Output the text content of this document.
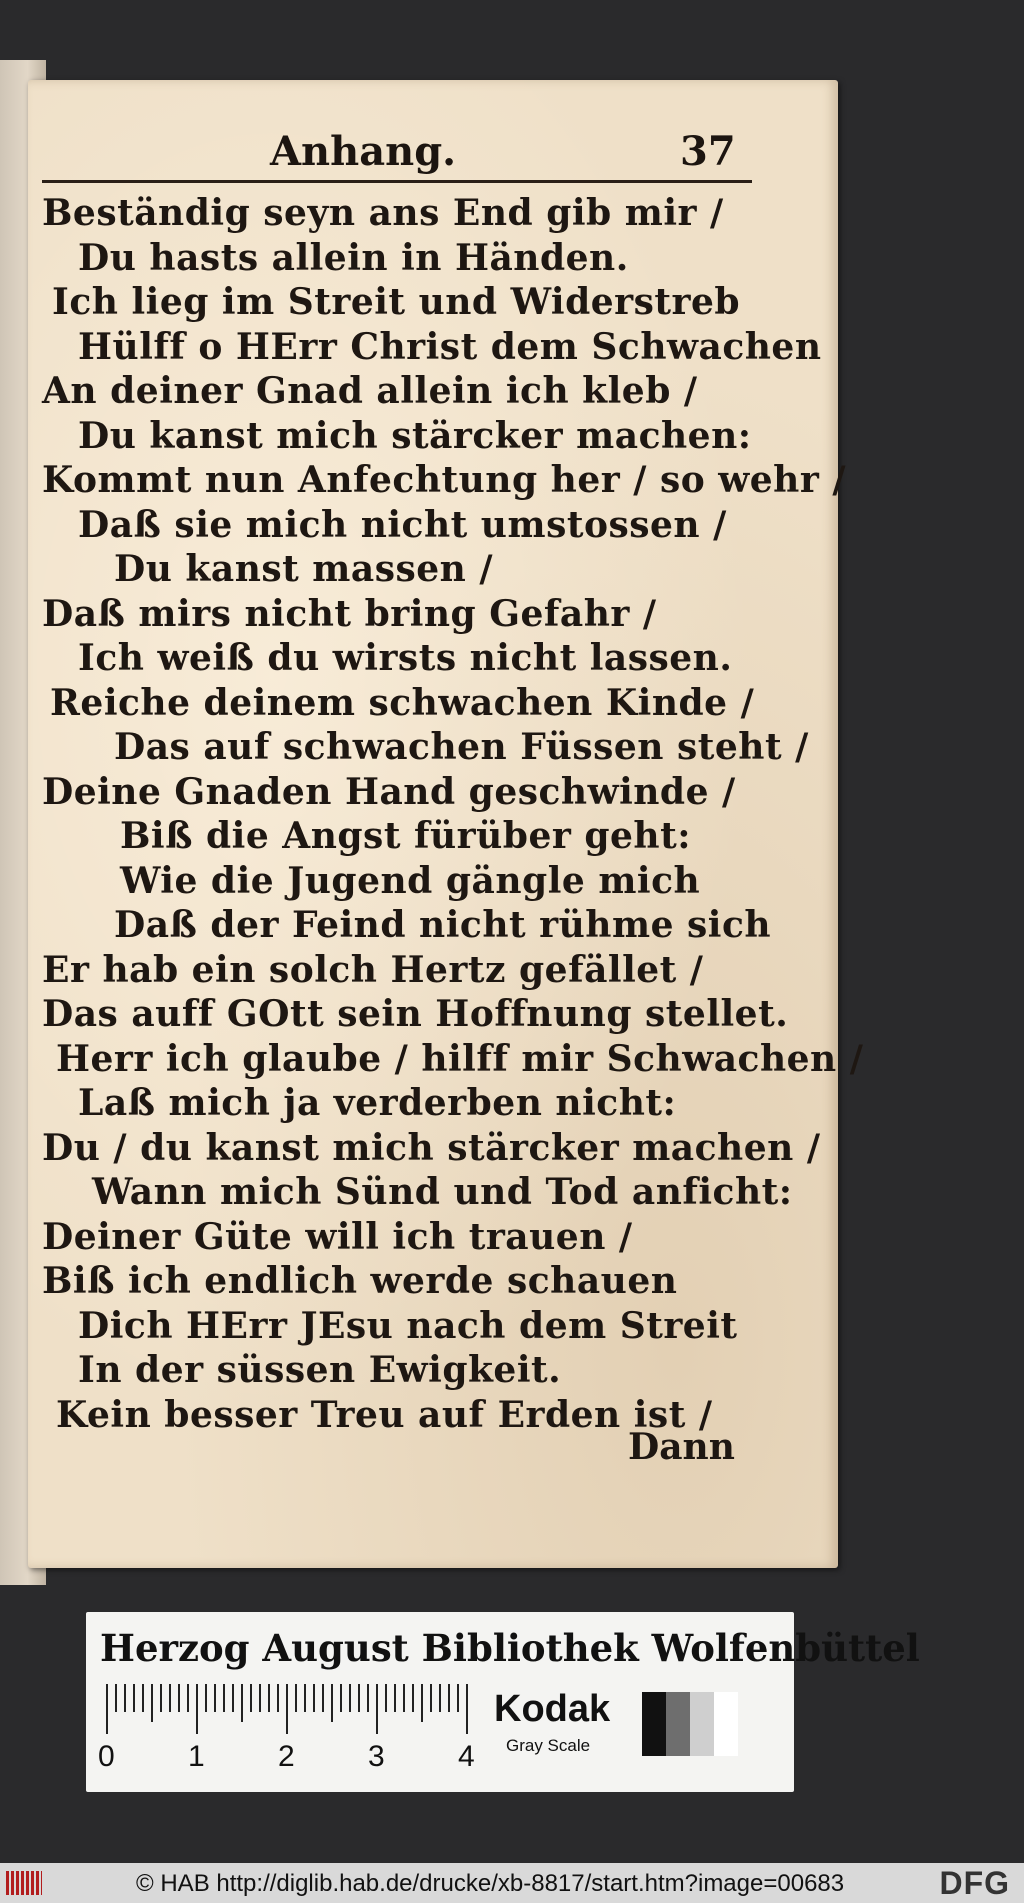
Anhang.	37
Beständig seyn ans End gib mir /
Du hasts allein in Händen.
Ich lieg im Streit und Widerstreb
Hülff o HErr Christ dem Schwachen
An deiner Gnad allein ich kleb /
Du kanst mich stärcker machen:
Kommt nun Anfechtung her / so wehr /
Daß sie mich nicht umstossen /
Du kanst massen /
Daß mirs nicht bring Gefahr /
Ich weiß du wirsts nicht lassen.
Reiche deinem schwachen Kinde /
Das auf schwachen Füssen steht /
Deine Gnaden Hand geschwinde /
Biß die Angst fürüber geht:
Wie die Jugend gängle mich
Daß der Feind nicht rühme sich
Er hab ein solch Hertz gefället /
Das auff GOtt sein Hoffnung stellet.
Herr ich glaube / hilff mir Schwachen /
Laß mich ja verderben nicht:
Du / du kanst mich stärcker machen /
Wann mich Sünd und Tod anficht:
Deiner Güte will ich trauen /
Biß ich endlich werde schauen
Dich HErr JEsu nach dem Streit
In der süssen Ewigkeit.
Kein besser Treu auf Erden ist /
Dann
Herzog August Bibliothek Wolfenbüttel
0 1 2 3 4
Kodak
Gray Scale
© HAB http://diglib.hab.de/drucke/xb-8817/start.htm?image=00683	DFG
